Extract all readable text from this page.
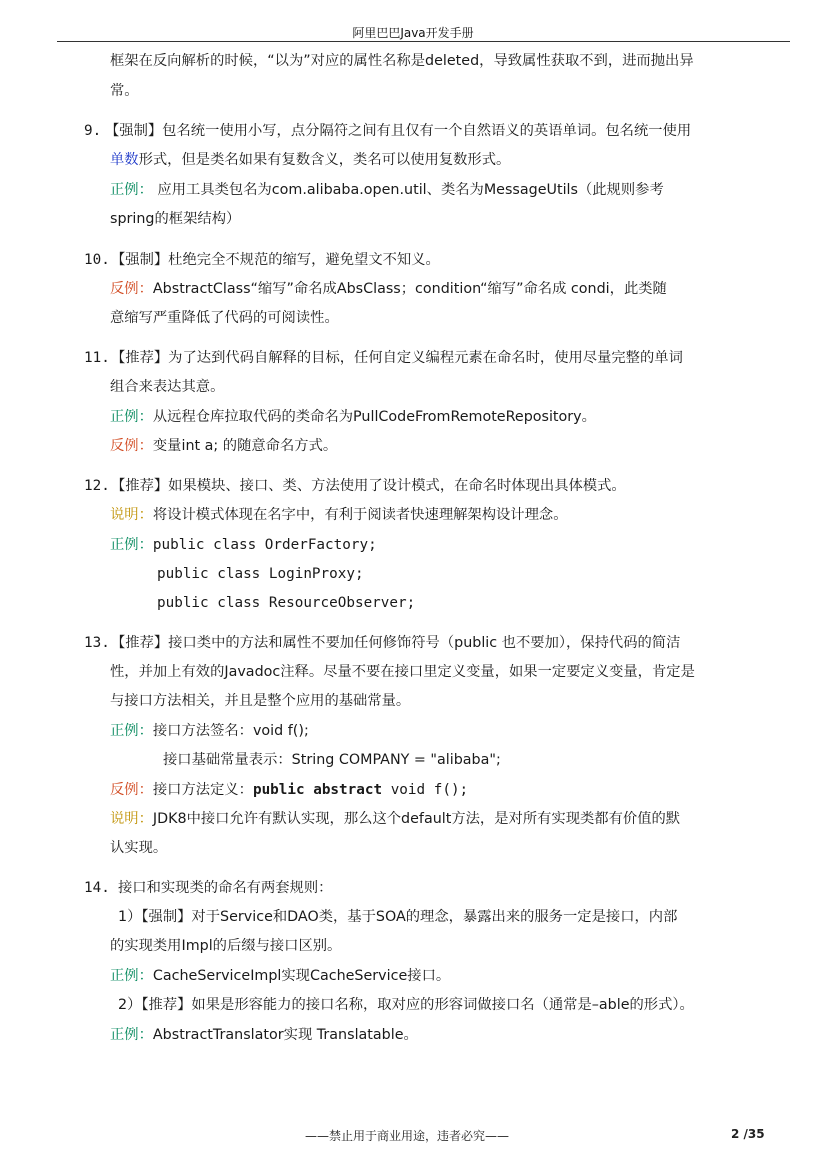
阿里巴巴Java开发手册
框架在反向解析的时候，“以为”对应的属性名称是deleted，导致属性获取不到，进而抛出异
常。
9. 【强制】包名统一使用小写，点分隔符之间有且仅有一个自然语义的英语单词。包名统一使用
单数形式，但是类名如果有复数含义，类名可以使用复数形式。
正例： 应用工具类包名为com.alibaba.open.util、类名为MessageUtils（此规则参考
spring的框架结构）
10. 【强制】杜绝完全不规范的缩写，避免望文不知义。
反例：AbstractClass“缩写”命名成AbsClass；condition“缩写”命名成 condi，此类随
意缩写严重降低了代码的可阅读性。
11. 【推荐】为了达到代码自解释的目标，任何自定义编程元素在命名时，使用尽量完整的单词
组合来表达其意。
正例：从远程仓库拉取代码的类命名为PullCodeFromRemoteRepository。
反例：变量int a; 的随意命名方式。
12. 【推荐】如果模块、接口、类、方法使用了设计模式，在命名时体现出具体模式。
说明：将设计模式体现在名字中，有利于阅读者快速理解架构设计理念。
正例：public class OrderFactory;
public class LoginProxy;
public class ResourceObserver;
13. 【推荐】接口类中的方法和属性不要加任何修饰符号（public 也不要加），保持代码的简洁
性，并加上有效的Javadoc注释。尽量不要在接口里定义变量，如果一定要定义变量，肯定是
与接口方法相关，并且是整个应用的基础常量。
正例：接口方法签名：void f();
接口基础常量表示：String COMPANY = "alibaba";
反例：接口方法定义：public abstract void f();
说明：JDK8中接口允许有默认实现，那么这个default方法，是对所有实现类都有价值的默
认实现。
14. 接口和实现类的命名有两套规则：
1）【强制】对于Service和DAO类，基于SOA的理念，暴露出来的服务一定是接口，内部
的实现类用Impl的后缀与接口区别。
正例：CacheServiceImpl实现CacheService接口。
2）【推荐】如果是形容能力的接口名称，取对应的形容词做接口名（通常是–able的形式）。
正例：AbstractTranslator实现 Translatable。
——禁止用于商业用途，违者必究——	2 /35
